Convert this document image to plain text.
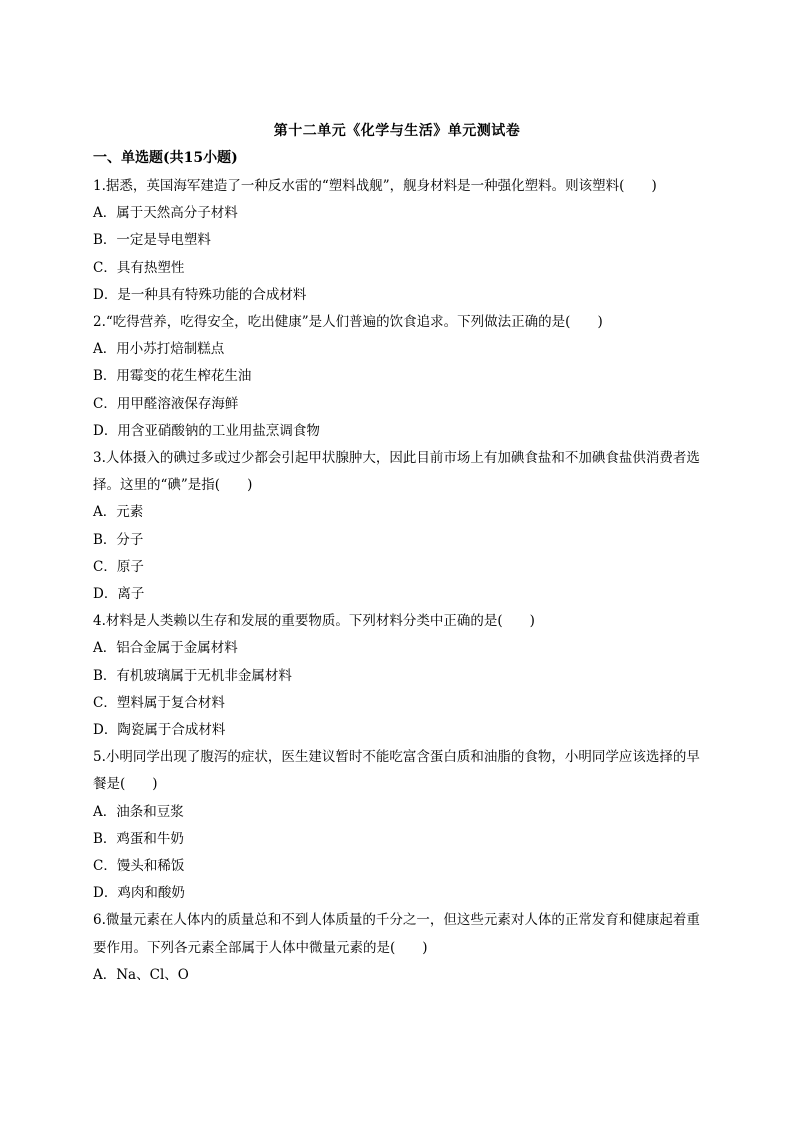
第十二单元《化学与生活》单元测试卷
一、单选题(共15小题)
1.据悉，英国海军建造了一种反水雷的“塑料战舰”，舰身材料是一种强化塑料。则该塑料(　　)
A．属于天然高分子材料
B．一定是导电塑料
C．具有热塑性
D．是一种具有特殊功能的合成材料
2.“吃得营养，吃得安全，吃出健康”是人们普遍的饮食追求。下列做法正确的是(　　)
A．用小苏打焙制糕点
B．用霉变的花生榨花生油
C．用甲醛溶液保存海鲜
D．用含亚硝酸钠的工业用盐烹调食物
3.人体摄入的碘过多或过少都会引起甲状腺肿大，因此目前市场上有加碘食盐和不加碘食盐供消费者选择。这里的“碘”是指(　　)
A．元素
B．分子
C．原子
D．离子
4.材料是人类赖以生存和发展的重要物质。下列材料分类中正确的是(　　)
A．铝合金属于金属材料
B．有机玻璃属于无机非金属材料
C．塑料属于复合材料
D．陶瓷属于合成材料
5.小明同学出现了腹泻的症状，医生建议暂时不能吃富含蛋白质和油脂的食物，小明同学应该选择的早餐是(　　)
A．油条和豆浆
B．鸡蛋和牛奶
C．馒头和稀饭
D．鸡肉和酸奶
6.微量元素在人体内的质量总和不到人体质量的千分之一，但这些元素对人体的正常发育和健康起着重要作用。下列各元素全部属于人体中微量元素的是(　　)
A．Na、Cl、O
